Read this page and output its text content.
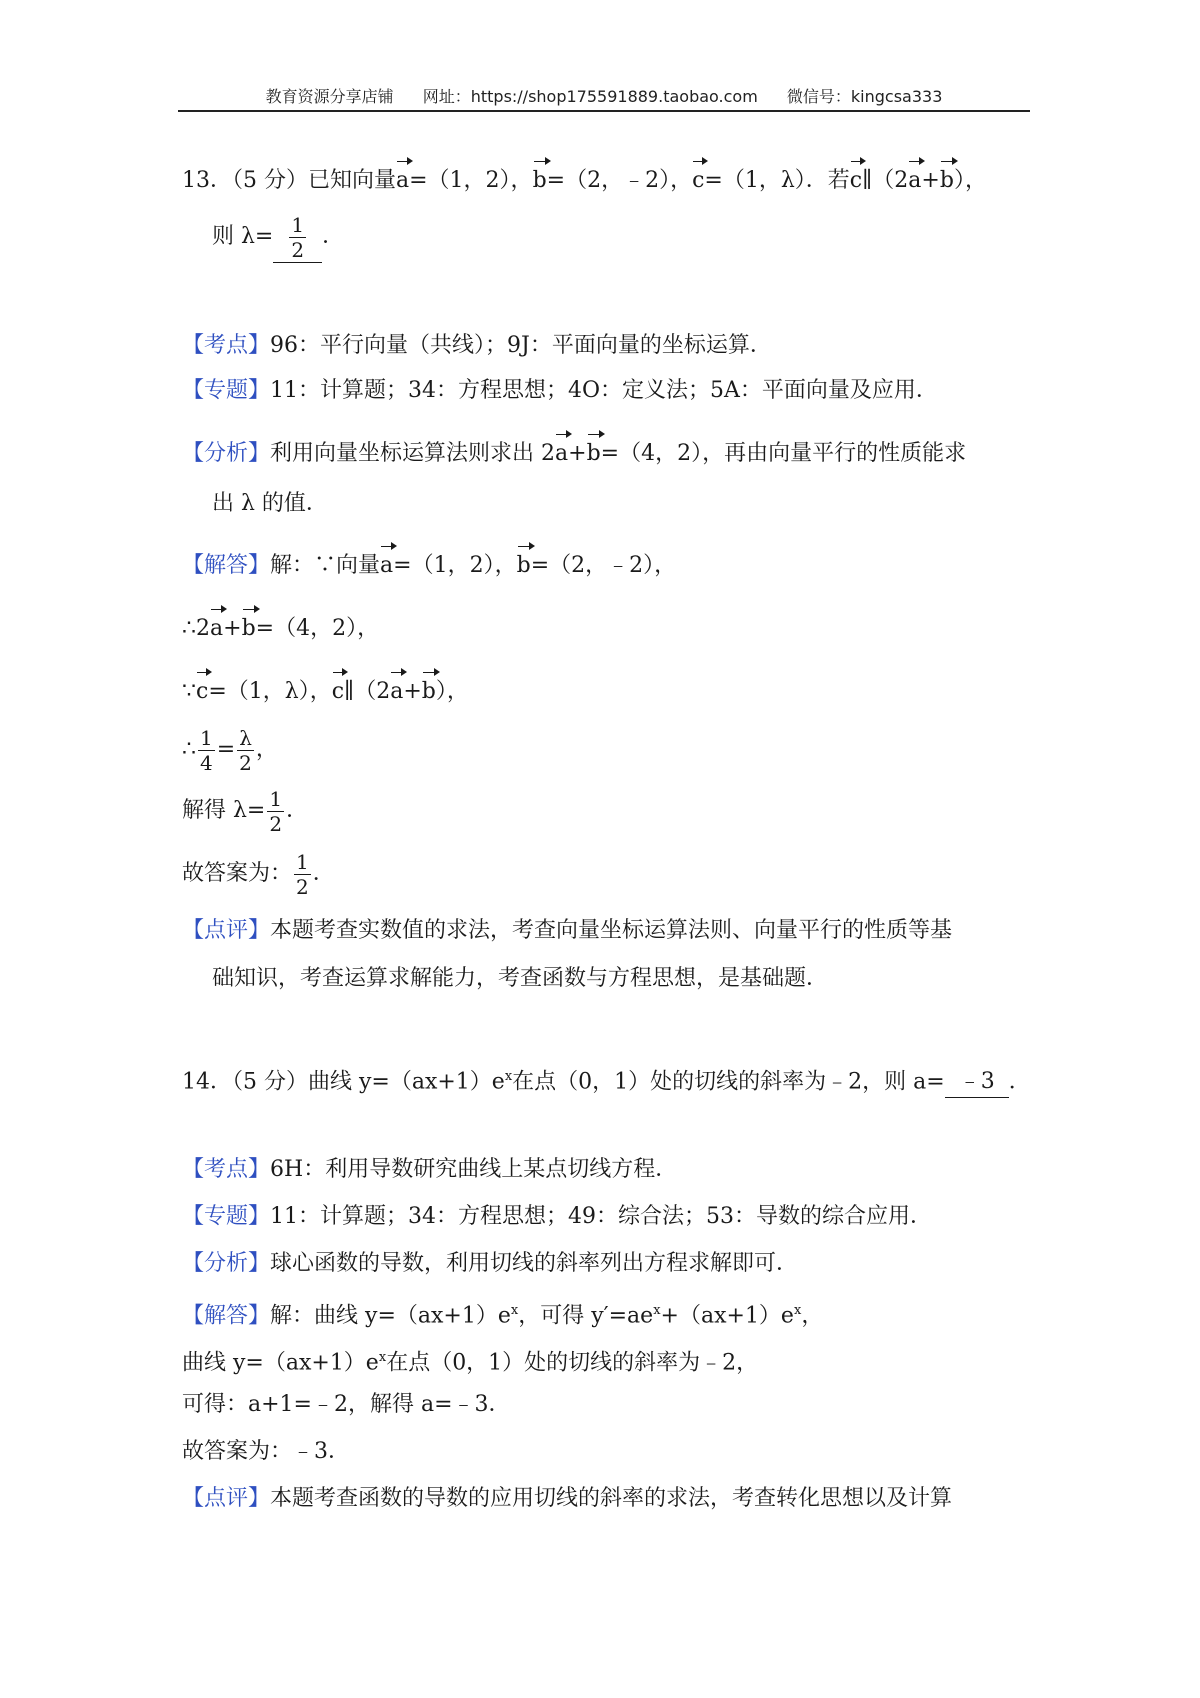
教育资源分享店铺 网址：https://shop175591889.taobao.com 微信号：kingcsa333
13．（5 分）已知向量a=（1，2），b=（2，﹣2），c=（1，λ）．若c∥（2a+b），
则 $\lambda= \frac{1}{2}$ ．
【考点】96：平行向量（共线）；9J：平面向量的坐标运算．
【专题】11：计算题；34：方程思想；4O：定义法；5A：平面向量及应用．
【分析】利用向量坐标运算法则求出 2a+b=（4，2），再由向量平行的性质能求
出 λ 的值．
【解答】解：∵向量a=（1，2），b=（2，﹣2），
∴2a+b=（4，2），
∵c=（1，λ），c∥（2a+b），
∴ $\frac{1}{4} = \frac{\lambda}{2}$ ，
解得 $\lambda= \frac{1}{2}$ ．
故答案为： $\frac{1}{2}$ ．
【点评】本题考查实数值的求法，考查向量坐标运算法则、向量平行的性质等基
础知识，考查运算求解能力，考查函数与方程思想，是基础题．
14．（5 分）曲线 $y=(ax+1)e^x$在点（0，1）处的切线的斜率为﹣2，则 a= ﹣3 ．
【考点】6H：利用导数研究曲线上某点切线方程．
【专题】11：计算题；34：方程思想；49：综合法；53：导数的综合应用．
【分析】球心函数的导数，利用切线的斜率列出方程求解即可．
【解答】解：曲线 $y=(ax+1)e^x$，可得 $y'=ae^x+(ax+1)e^x$，
曲线 $y=(ax+1)e^x$在点（0，1）处的切线的斜率为﹣2，
可得：a+1=﹣2，解得 a=﹣3．
故答案为：﹣3．
【点评】本题考查函数的导数的应用切线的斜率的求法，考查转化思想以及计算
